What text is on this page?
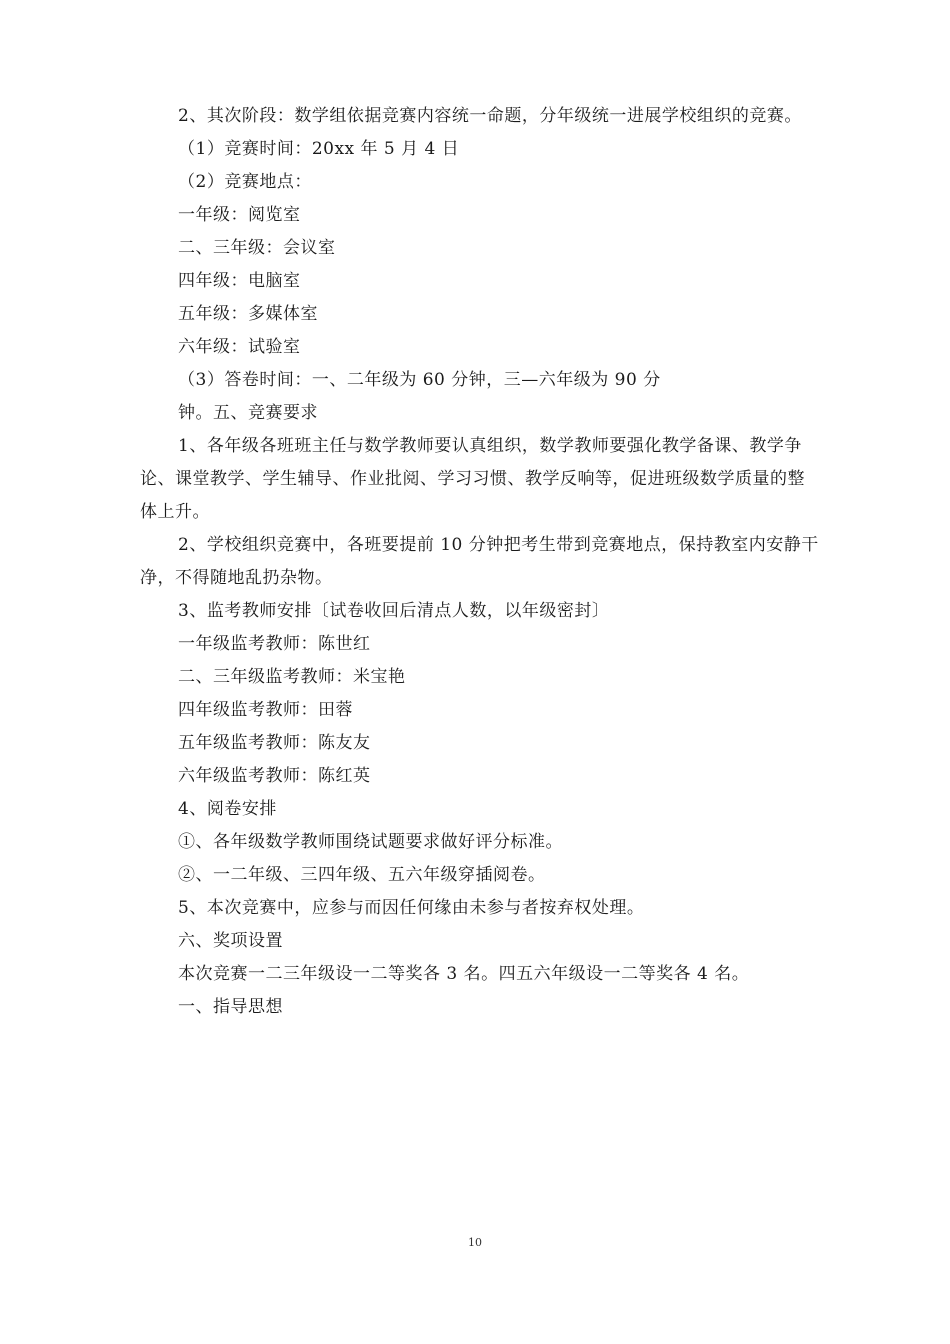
2、其次阶段：数学组依据竞赛内容统一命题，分年级统一进展学校组织的竞赛。

（1）竞赛时间：20xx 年 5 月 4 日

（2）竞赛地点：

一年级：阅览室

二、三年级：会议室

四年级：电脑室

五年级：多媒体室

六年级：试验室

（3）答卷时间：一、二年级为 60 分钟，三—六年级为 90 分

钟。五、竞赛要求

1、各年级各班班主任与数学教师要认真组织，数学教师要强化教学备课、教学争论、课堂教学、学生辅导、作业批阅、学习习惯、教学反响等，促进班级数学质量的整体上升。

2、学校组织竞赛中，各班要提前 10 分钟把考生带到竞赛地点，保持教室内安静干净，不得随地乱扔杂物。

3、监考教师安排〔试卷收回后清点人数，以年级密封〕

一年级监考教师：陈世红

二、三年级监考教师：米宝艳

四年级监考教师：田蓉

五年级监考教师：陈友友

六年级监考教师：陈红英

4、阅卷安排

①、各年级数学教师围绕试题要求做好评分标准。

②、一二年级、三四年级、五六年级穿插阅卷。

5、本次竞赛中，应参与而因任何缘由未参与者按弃权处理。

六、奖项设置

本次竞赛一二三年级设一二等奖各 3 名。四五六年级设一二等奖各 4 名。

一、指导思想

10
